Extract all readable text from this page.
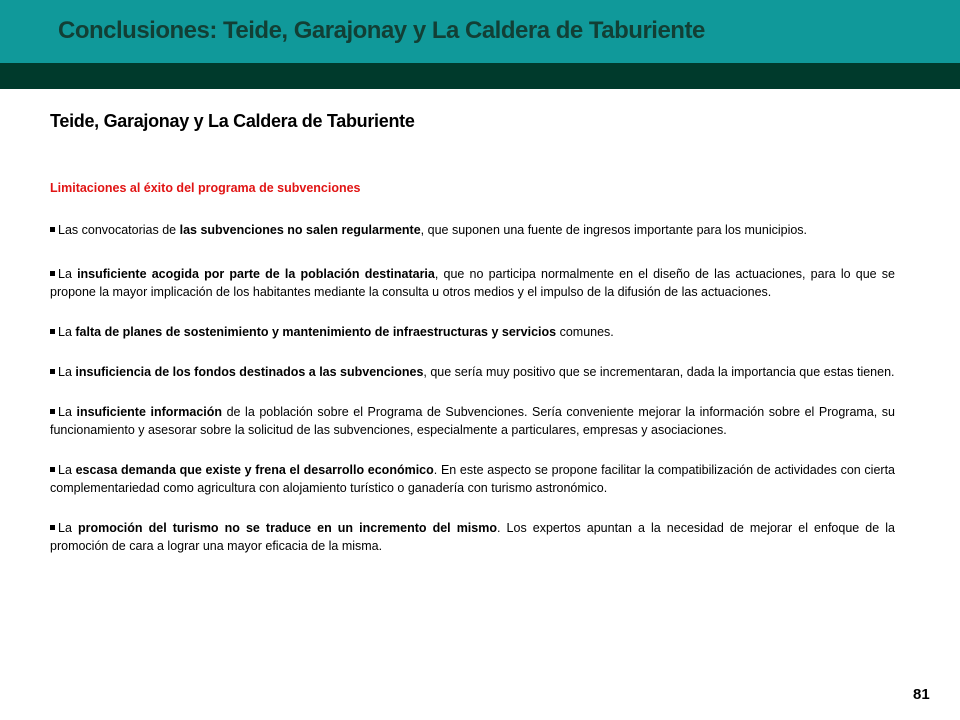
Conclusiones: Teide, Garajonay y La Caldera de Taburiente
Teide, Garajonay y La Caldera de Taburiente
Limitaciones al éxito del programa de subvenciones

Las convocatorias de las subvenciones no salen regularmente, que suponen una fuente de ingresos importante para los municipios.

La insuficiente acogida por parte de la población destinataria, que no participa normalmente en el diseño de las actuaciones, para lo que se propone la mayor implicación de los habitantes mediante la consulta u otros medios y el impulso de la difusión de las actuaciones.

La falta de planes de sostenimiento y mantenimiento de infraestructuras y servicios comunes.

La insuficiencia de los fondos destinados a las subvenciones, que sería muy positivo que se incrementaran, dada la importancia que estas tienen.

La insuficiente información de la población sobre el Programa de Subvenciones. Sería conveniente mejorar la información sobre el Programa, su funcionamiento y asesorar sobre la solicitud de las subvenciones, especialmente a particulares, empresas y asociaciones.

La escasa demanda que existe y frena el desarrollo económico. En este aspecto se propone facilitar la compatibilización de actividades con cierta complementariedad como agricultura con alojamiento turístico o ganadería con turismo astronómico.

La promoción del turismo no se traduce en un incremento del mismo. Los expertos apuntan a la necesidad de mejorar el enfoque de la promoción de cara a lograr una mayor eficacia de la misma.

81
